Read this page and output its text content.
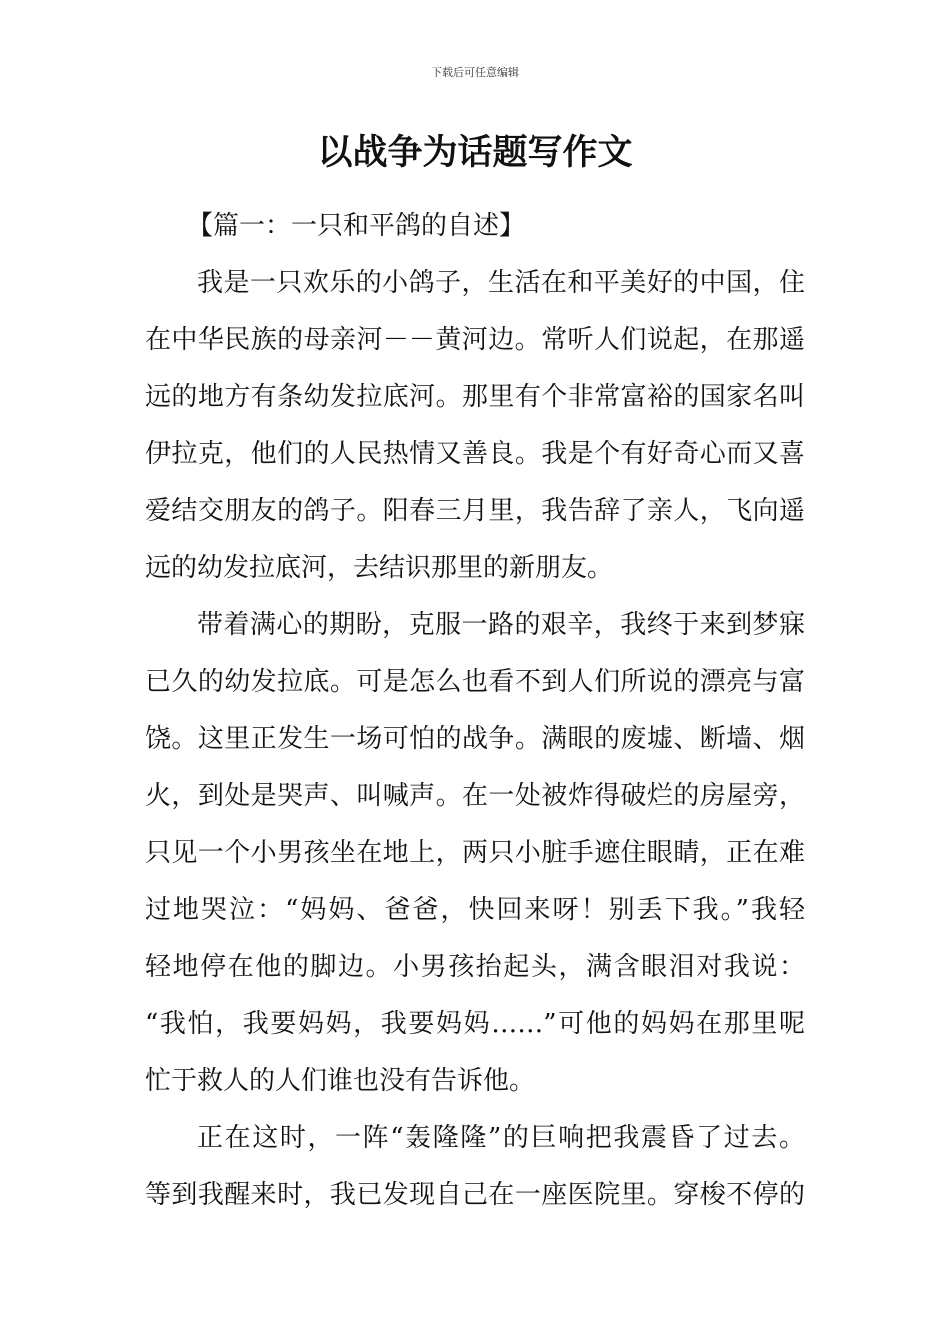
下载后可任意编辑
以战争为话题写作文
【篇一：一只和平鸽的自述】
我是一只欢乐的小鸽子，生活在和平美好的中国，住
在中华民族的母亲河－－黄河边。常听人们说起，在那遥
远的地方有条幼发拉底河。那里有个非常富裕的国家名叫
伊拉克，他们的人民热情又善良。我是个有好奇心而又喜
爱结交朋友的鸽子。阳春三月里，我告辞了亲人，飞向遥
远的幼发拉底河，去结识那里的新朋友。
带着满心的期盼，克服一路的艰辛，我终于来到梦寐
已久的幼发拉底。可是怎么也看不到人们所说的漂亮与富
饶。这里正发生一场可怕的战争。满眼的废墟、断墙、烟
火，到处是哭声、叫喊声。在一处被炸得破烂的房屋旁，
只见一个小男孩坐在地上，两只小脏手遮住眼睛，正在难
过地哭泣：“妈妈、爸爸，快回来呀！别丢下我。”我轻
轻地停在他的脚边。小男孩抬起头，满含眼泪对我说：
“我怕，我要妈妈，我要妈妈……”可他的妈妈在那里呢
忙于救人的人们谁也没有告诉他。
正在这时，一阵“轰隆隆”的巨响把我震昏了过去。
等到我醒来时，我已发现自己在一座医院里。穿梭不停的
